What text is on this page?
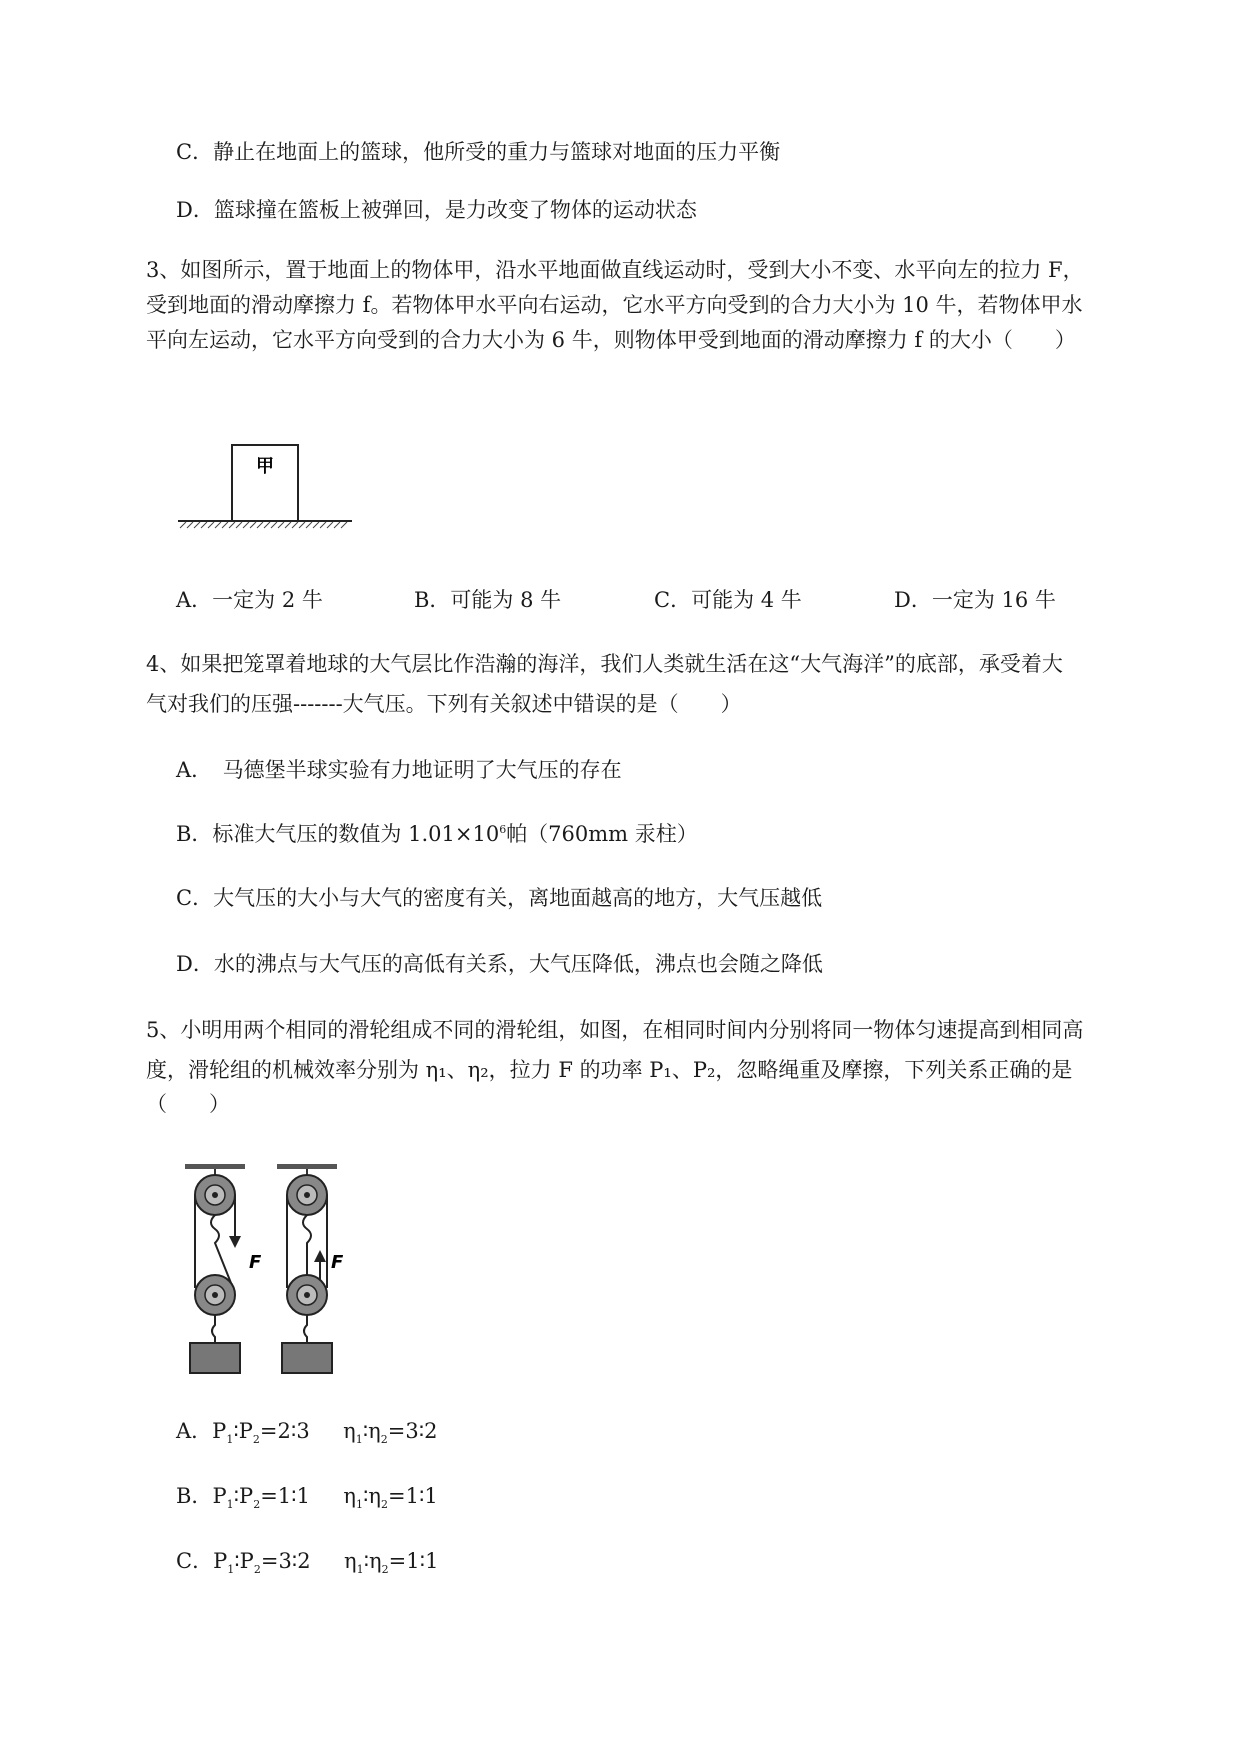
C．静止在地面上的篮球，他所受的重力与篮球对地面的压力平衡
D．篮球撞在篮板上被弹回，是力改变了物体的运动状态
3、如图所示，置于地面上的物体甲，沿水平地面做直线运动时，受到大小不变、水平向左的拉力 F，
受到地面的滑动摩擦力 f。若物体甲水平向右运动，它水平方向受到的合力大小为 10 牛，若物体甲水
平向左运动，它水平方向受到的合力大小为 6 牛，则物体甲受到地面的滑动摩擦力 f 的大小（　　）
甲
A．一定为 2 牛	B．可能为 8 牛	C．可能为 4 牛	D．一定为 16 牛
4、如果把笼罩着地球的大气层比作浩瀚的海洋，我们人类就生活在这“大气海洋”的底部，承受着大
气对我们的压强-------大气压。下列有关叙述中错误的是（　　）
A．　马德堡半球实验有力地证明了大气压的存在
B．标准大气压的数值为 $1.01\times 10^6$帕（760mm 汞柱）
C．大气压的大小与大气的密度有关，离地面越高的地方，大气压越低
D．水的沸点与大气压的高低有关系，大气压降低，沸点也会随之降低
5、小明用两个相同的滑轮组成不同的滑轮组，如图，在相同时间内分别将同一物体匀速提高到相同高
度，滑轮组的机械效率分别为 η₁、η₂，拉力 F 的功率 P₁、P₂，忽略绳重及摩擦，下列关系正确的是
（　　）
F	F
A．$P_1∶P_2=2∶3$     $\eta_1∶\eta_2=3∶2$
B．$P_1∶P_2=1∶1$     $\eta_1∶\eta_2=1∶1$
C．$P_1∶P_2=3∶2$     $\eta_1∶\eta_2=1∶1$
